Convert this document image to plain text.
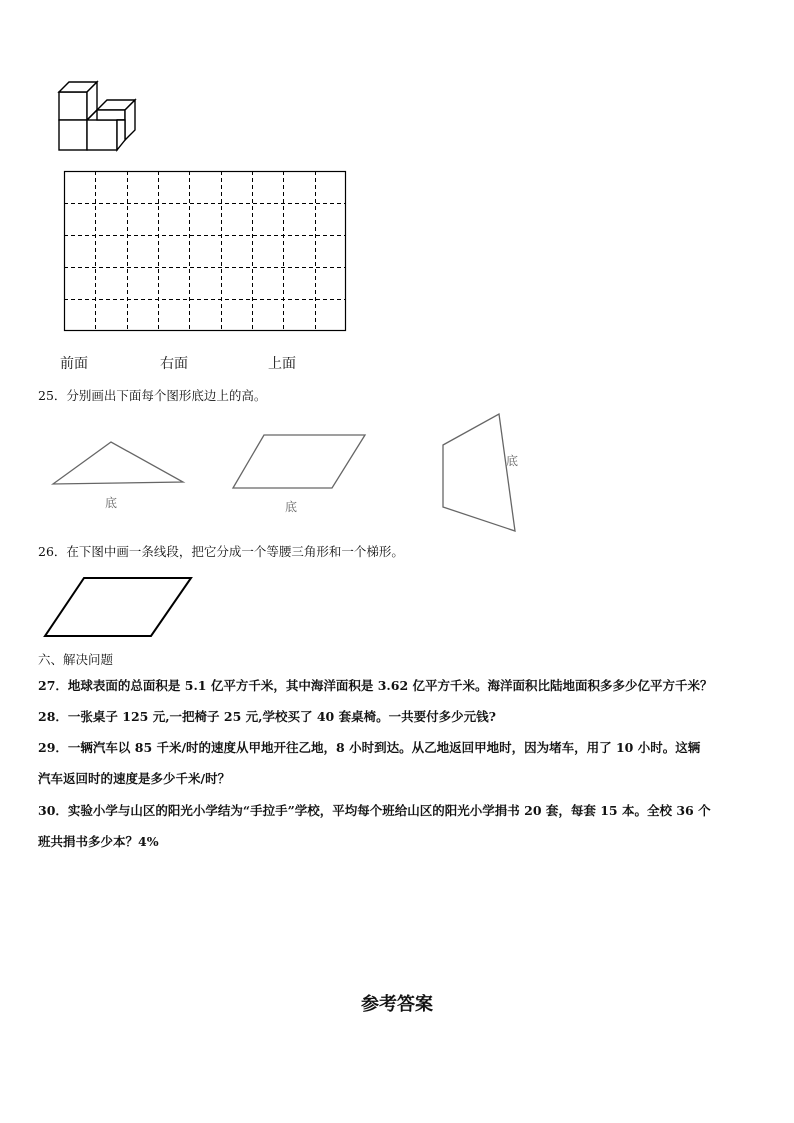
前面	右面	上面
25．分别画出下面每个图形底边上的高。
底	底
底
26．在下图中画一条线段，把它分成一个等腰三角形和一个梯形。
六、解决问题
27．地球表面的总面积是 5.1 亿平方千米，其中海洋面积是 3.62 亿平方千米。海洋面积比陆地面积多多少亿平方千米？
28．一张桌子 125 元,一把椅子 25 元,学校买了 40 套桌椅。一共要付多少元钱?
29．一辆汽车以 85 千米/时的速度从甲地开往乙地，8 小时到达。从乙地返回甲地时，因为堵车，用了 10 小时。这辆
汽车返回时的速度是多少千米/时？
30．实验小学与山区的阳光小学结为“手拉手”学校，平均每个班给山区的阳光小学捐书 20 套，每套 15 本。全校 36 个
班共捐书多少本？4%
参考答案
